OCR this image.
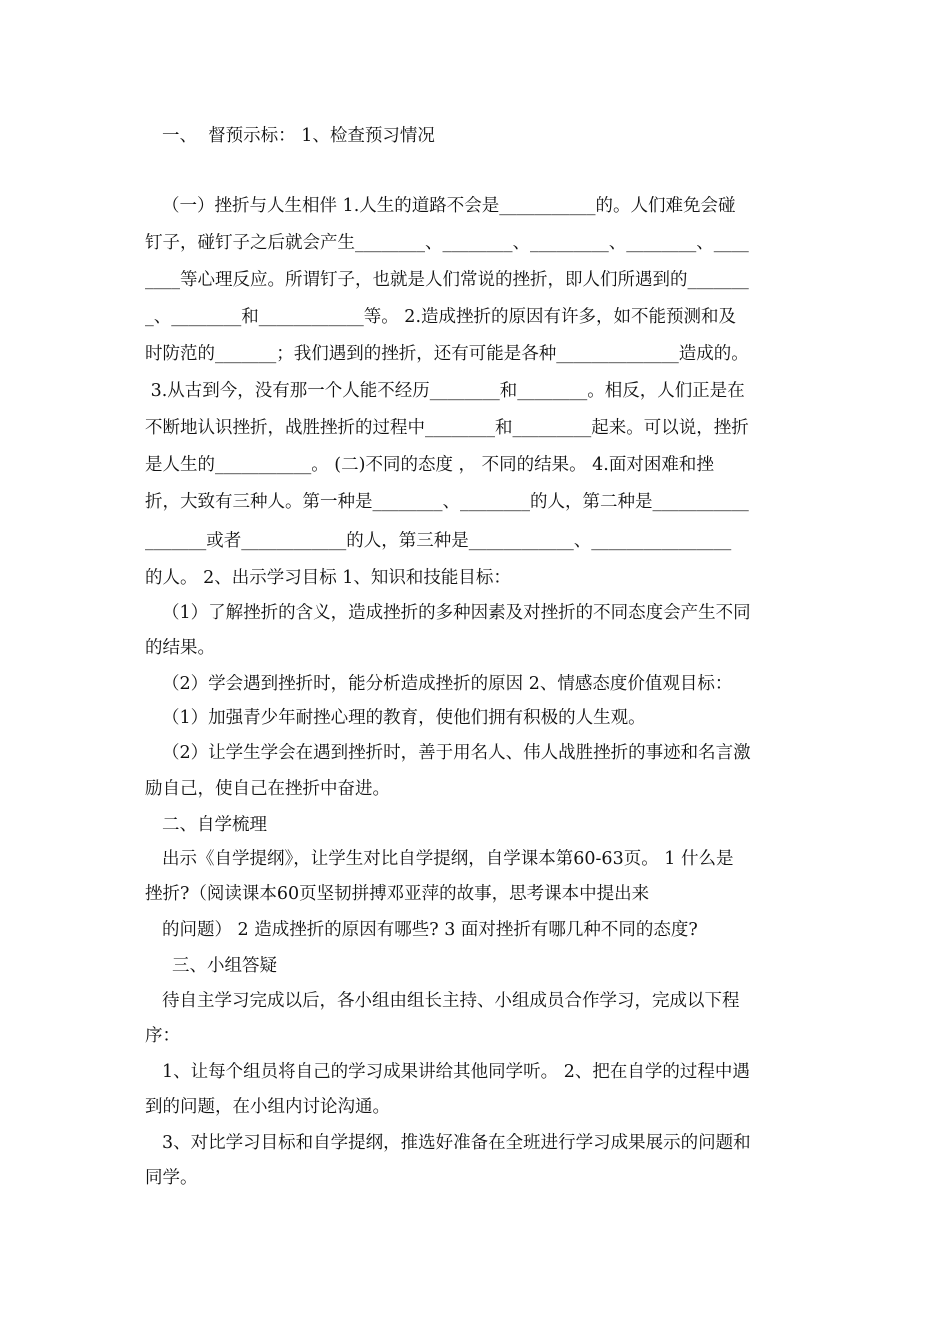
一、  督预示标： 1、检查预习情况
（一）挫折与人生相伴 1.人生的道路不会是___________的。人们难免会碰
钉子，碰钉子之后就会产生________、________、_________、________、____
____等心理反应。所谓钉子，也就是人们常说的挫折，即人们所遇到的_______
_、________和____________等。 2.造成挫折的原因有许多，如不能预测和及
时防范的_______；我们遇到的挫折，还有可能是各种______________造成的。
3.从古到今，没有那一个人能不经历________和________。相反，人们正是在
不断地认识挫折，战胜挫折的过程中________和_________起来。可以说，挫折
是人生的___________。 (二)不同的态度 ， 不同的结果。 4.面对困难和挫
折，大致有三种人。第一种是________、________的人，第二种是___________
_______或者____________的人，第三种是____________、________________
的人。 2、出示学习目标 1、知识和技能目标：
（1）了解挫折的含义，造成挫折的多种因素及对挫折的不同态度会产生不同
的结果。
（2）学会遇到挫折时，能分析造成挫折的原因 2、情感态度价值观目标：
（1）加强青少年耐挫心理的教育，使他们拥有积极的人生观。
（2）让学生学会在遇到挫折时，善于用名人、伟人战胜挫折的事迹和名言激
励自己，使自己在挫折中奋进。
二、自学梳理
出示《自学提纲》，让学生对比自学提纲，自学课本第60-63页。 1 什么是
挫折?（阅读课本60页坚韧拼搏邓亚萍的故事，思考课本中提出来
的问题） 2 造成挫折的原因有哪些? 3 面对挫折有哪几种不同的态度?
三、小组答疑
待自主学习完成以后，各小组由组长主持、小组成员合作学习，完成以下程
序：
1、让每个组员将自己的学习成果讲给其他同学听。 2、把在自学的过程中遇
到的问题，在小组内讨论沟通。
3、对比学习目标和自学提纲，推选好准备在全班进行学习成果展示的问题和
同学。
